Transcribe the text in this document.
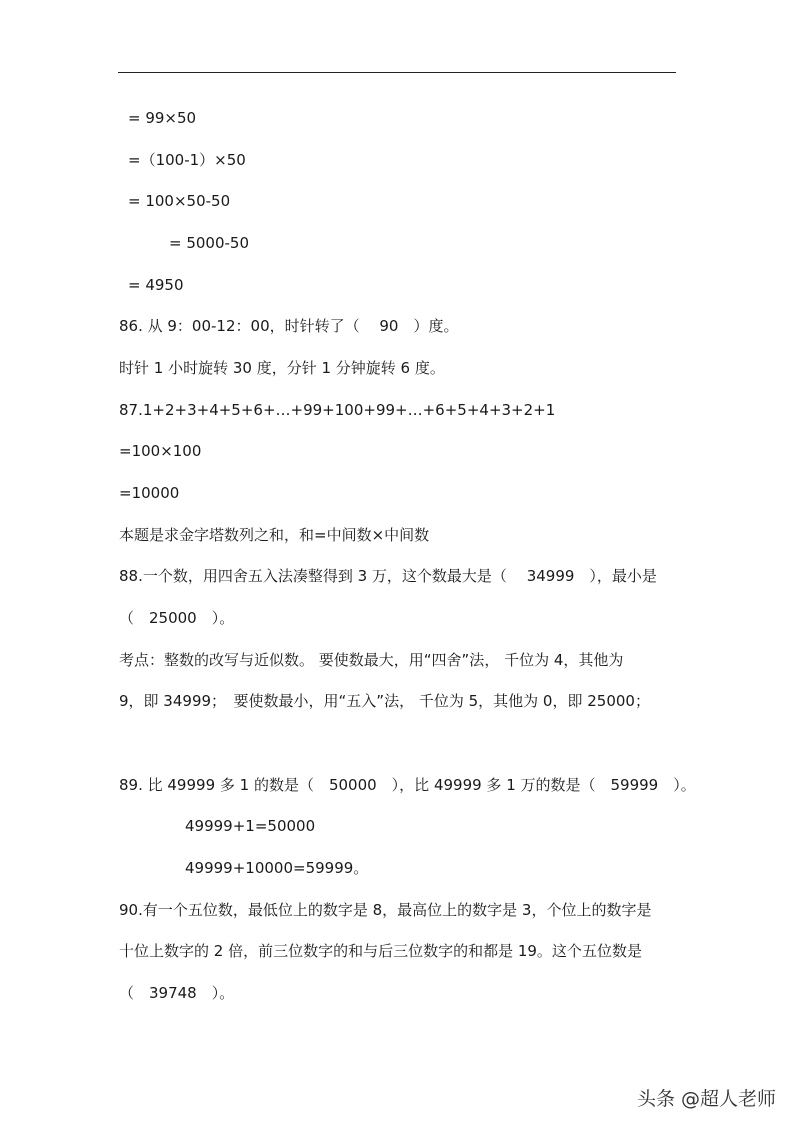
= 99×50
=（100-1）×50
= 100×50-50
= 5000-50
= 4950
86. 从 9：00-12：00，时针转了（　 90　）度。
时针 1 小时旋转 30 度，分针 1 分钟旋转 6 度。
87.1+2+3+4+5+6+…+99+100+99+…+6+5+4+3+2+1
=100×100
=10000
本题是求金字塔数列之和，和=中间数×中间数
88.一个数，用四舍五入法凑整得到 3 万，这个数最大是（　 34999　），最小是
（　25000　）。
考点：整数的改写与近似数。 要使数最大，用“四舍”法， 千位为 4，其他为
9，即 34999；　要使数最小，用“五入”法， 千位为 5，其他为 0，即 25000；
89. 比 49999 多 1 的数是（　50000　），比 49999 多 1 万的数是（　59999　）。
49999+1=50000
49999+10000=59999。
90.有一个五位数，最低位上的数字是 8，最高位上的数字是 3，个位上的数字是
十位上数字的 2 倍，前三位数字的和与后三位数字的和都是 19。这个五位数是
（　39748　）。
头条 @超人老师
